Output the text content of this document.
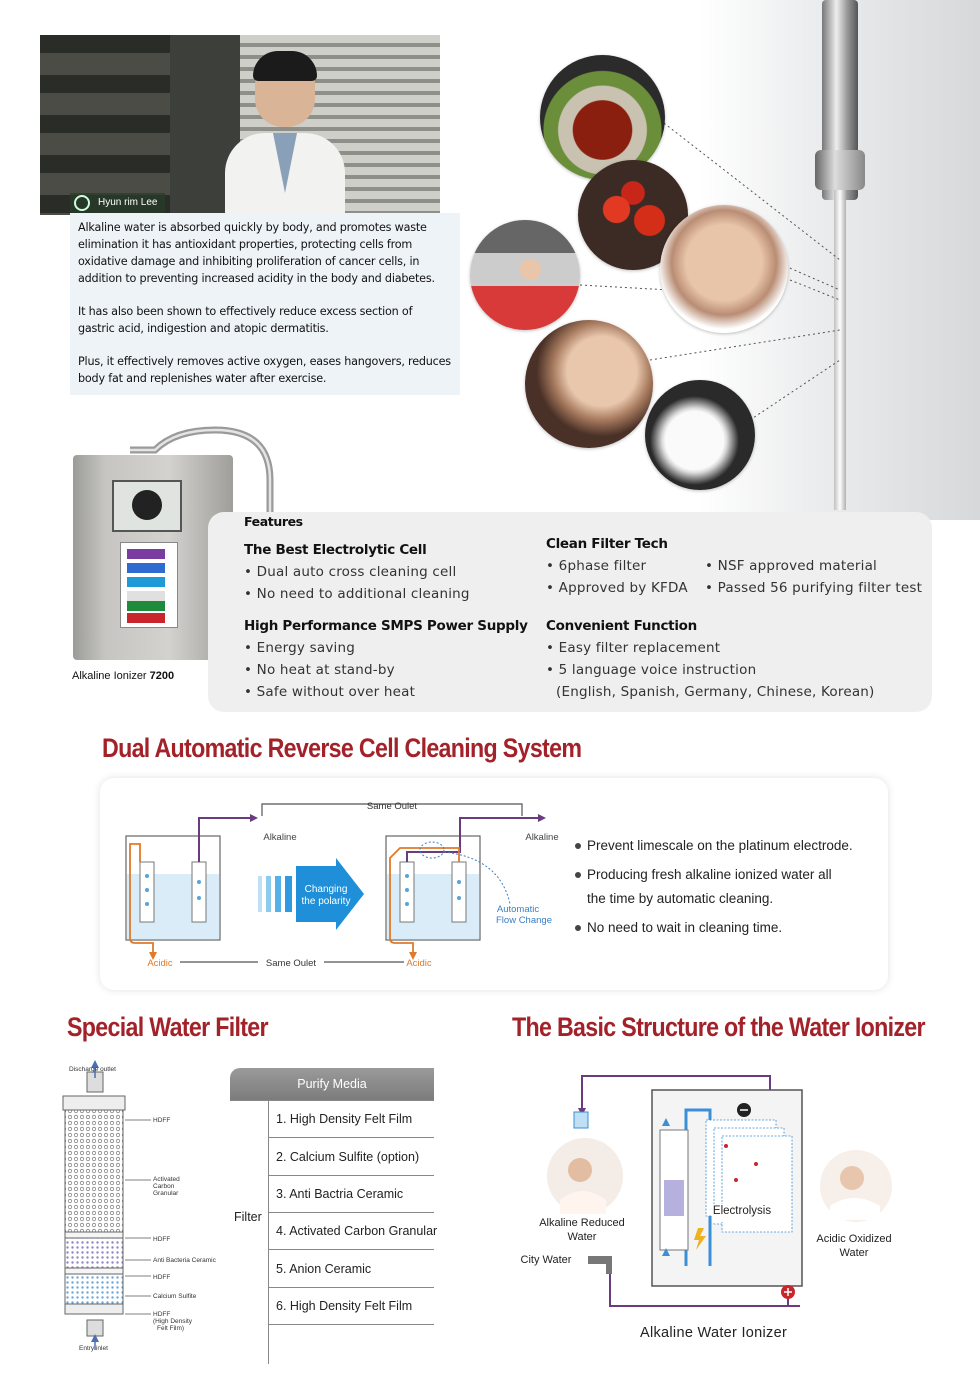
Hyun rim Lee

Alkaline water is absorbed quickly by body, and promotes waste elimination it has antioxidant properties, protecting cells from oxidative damage and inhibiting proliferation of cancer cells, in addition to preventing increased acidity in the body and diabetes.

It has also been shown to effectively reduce excess section of gastric acid, indigestion and atopic dermatitis.

Plus, it effectively removes active oxygen, eases hangovers, reduces body fat and replenishes water after exercise.

Alkaline Ionizer 7200
Features
The Best Electrolytic Cell
• Dual auto cross cleaning cell
• No need to additional cleaning
High Performance SMPS Power Supply
• Energy saving
• No heat at stand-by
• Safe without over heat
Clean Filter Tech
• 6phase filter
• Approved by KFDA
• NSF approved material
• Passed 56 purifying filter test
Convenient Function
• Easy filter replacement
• 5 language voice instruction
(English, Spanish, Germany, Chinese, Korean)
Dual Automatic Reverse Cell Cleaning System
Same Oulet
Alkaline	Alkaline
Changing
the polarity
Automatic
Flow Change
Acidic	Same Oulet	Acidic
Prevent limescale on the platinum electrode.
Producing fresh alkaline ionized water all
the time by automatic cleaning.
No need to wait in cleaning time.
Special Water Filter
Discharge outlet
HDFF
Activated
Carbon
Granular
HDFF
Anti Bacteria Ceramic
HDFF
Calcium Sulfite
HDFF
(High Density
Felt Film)
Entry inlet
Purify Media
Filter
1. High Density Felt Film
2. Calcium Sulfite (option)
3. Anti Bactria Ceramic
4. Activated Carbon Granular
5. Anion Ceramic
6. High Density Felt Film
The Basic Structure of the Water Ionizer
Alkaline Reduced
Water
City Water
Electrolysis
Acidic Oxidized
Water
Alkaline Water Ionizer
